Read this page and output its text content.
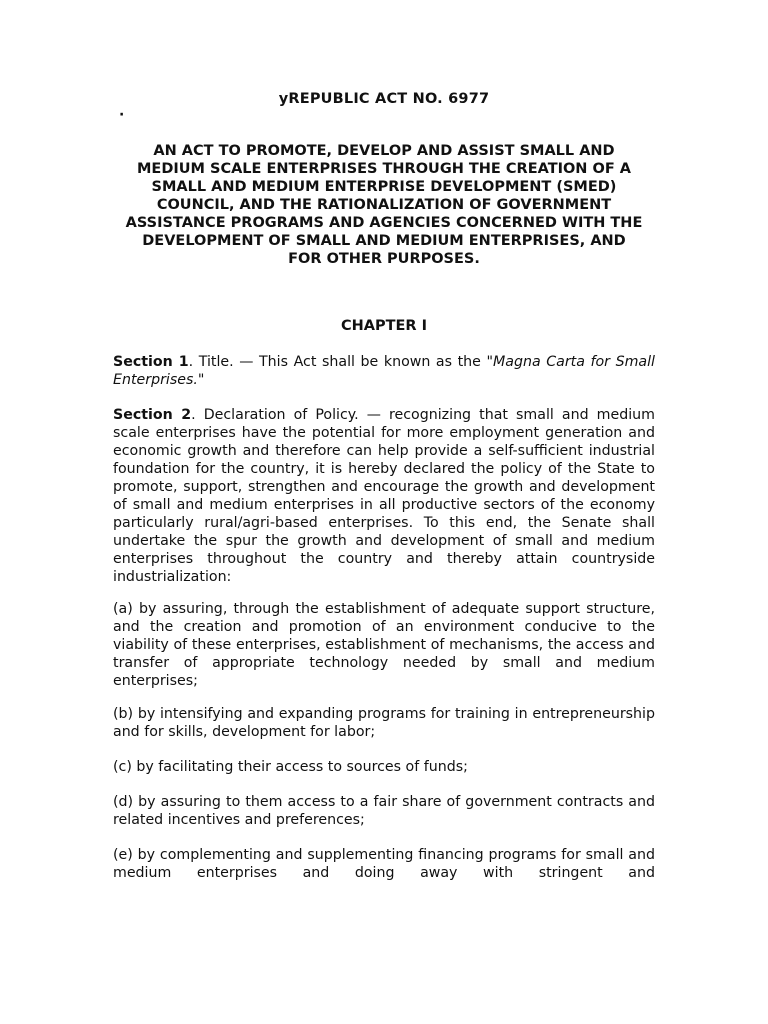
yREPUBLIC ACT NO. 6977
·
AN ACT TO PROMOTE, DEVELOP AND ASSIST SMALL AND
MEDIUM SCALE ENTERPRISES THROUGH THE CREATION OF A
SMALL AND MEDIUM ENTERPRISE DEVELOPMENT (SMED)
COUNCIL, AND THE RATIONALIZATION OF GOVERNMENT
ASSISTANCE PROGRAMS AND AGENCIES CONCERNED WITH THE
DEVELOPMENT OF SMALL AND MEDIUM ENTERPRISES, AND
FOR OTHER PURPOSES.
CHAPTER I
Section 1. Title. — This Act shall be known as the "Magna Carta for Small Enterprises."
Section 2. Declaration of Policy. — recognizing that small and medium scale enterprises have the potential for more employment generation and economic growth and therefore can help provide a self-sufficient industrial foundation for the country, it is hereby declared the policy of the State to promote, support, strengthen and encourage the growth and development of small and medium enterprises in all productive sectors of the economy particularly rural/agri-based enterprises. To this end, the Senate shall undertake the spur the growth and development of small and medium enterprises throughout the country and thereby attain countryside industrialization:
(a) by assuring, through the establishment of adequate support structure, and the creation and promotion of an environment conducive to the viability of these enterprises, establishment of mechanisms, the access and transfer of appropriate technology needed by small and medium enterprises;
(b) by intensifying and expanding programs for training in entrepreneurship and for skills, development for labor;
(c) by facilitating their access to sources of funds;
(d) by assuring to them access to a fair share of government contracts and related incentives and preferences;
(e) by complementing and supplementing financing programs for small and medium enterprises and doing away with stringent and
